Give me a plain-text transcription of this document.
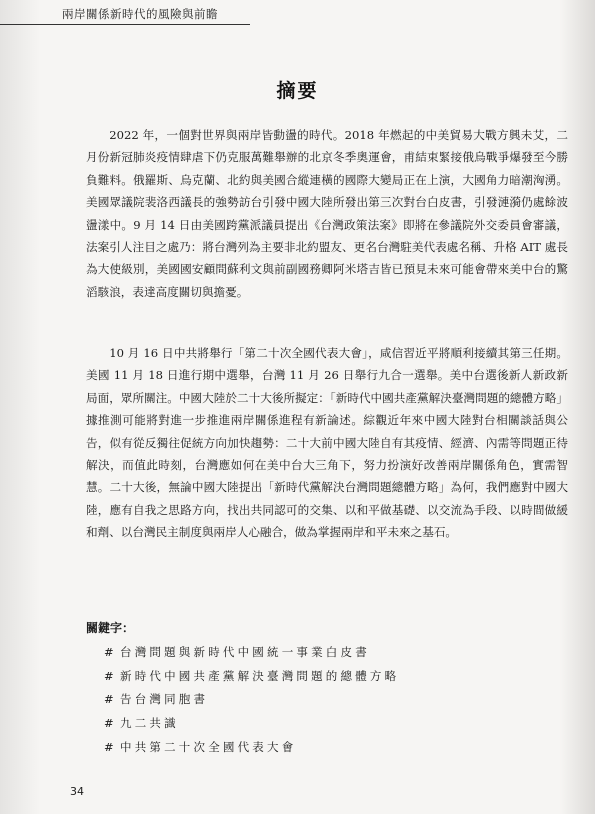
兩岸關係新時代的風險與前瞻
摘要

2022 年，一個對世界與兩岸皆動盪的時代。2018 年燃起的中美貿易大戰方興未艾，二月份新冠肺炎疫情肆虐下仍克服萬難舉辦的北京冬季奧運會，甫結束緊接俄烏戰爭爆發至今勝負難料。俄羅斯、烏克蘭、北約與美國合縱連橫的國際大變局正在上演，大國角力暗潮洶湧。美國眾議院裴洛西議長的強勢訪台引發中國大陸所發出第三次對台白皮書，引發漣漪仍處餘波盪漾中。9 月 14 日由美國跨黨派議員提出《台灣政策法案》即將在參議院外交委員會審議，法案引人注目之處乃：將台灣列為主要非北約盟友、更名台灣駐美代表處名稱、升格 AIT 處長為大使級別，美國國安顧問蘇利文與前副國務卿阿米塔吉皆已預見未來可能會帶來美中台的驚滔駭浪，表達高度關切與擔憂。

10 月 16 日中共將舉行「第二十次全國代表大會」，咸信習近平將順利接續其第三任期。美國 11 月 18 日進行期中選舉，台灣 11 月 26 日舉行九合一選舉。美中台選後新人新政新局面，眾所關注。中國大陸於二十大後所擬定：「新時代中國共產黨解決臺灣問題的總體方略」據推測可能將對進一步推進兩岸關係進程有新論述。綜觀近年來中國大陸對台相關談話與公告，似有從反獨往促統方向加快趨勢：二十大前中國大陸自有其疫情、經濟、內需等問題正待解決，而值此時刻，台灣應如何在美中台大三角下，努力扮演好改善兩岸關係角色，實需智慧。二十大後，無論中國大陸提出「新時代黨解決台灣問題總體方略」為何，我們應對中國大陸，應有自我之思路方向，找出共同認可的交集、以和平做基礎、以交流為手段、以時間做緩和劑、以台灣民主制度與兩岸人心融合，做為掌握兩岸和平未來之基石。

關鍵字：
# 台灣問題與新時代中國統一事業白皮書
# 新時代中國共產黨解決臺灣問題的總體方略
# 告台灣同胞書
# 九二共識
# 中共第二十次全國代表大會
34
